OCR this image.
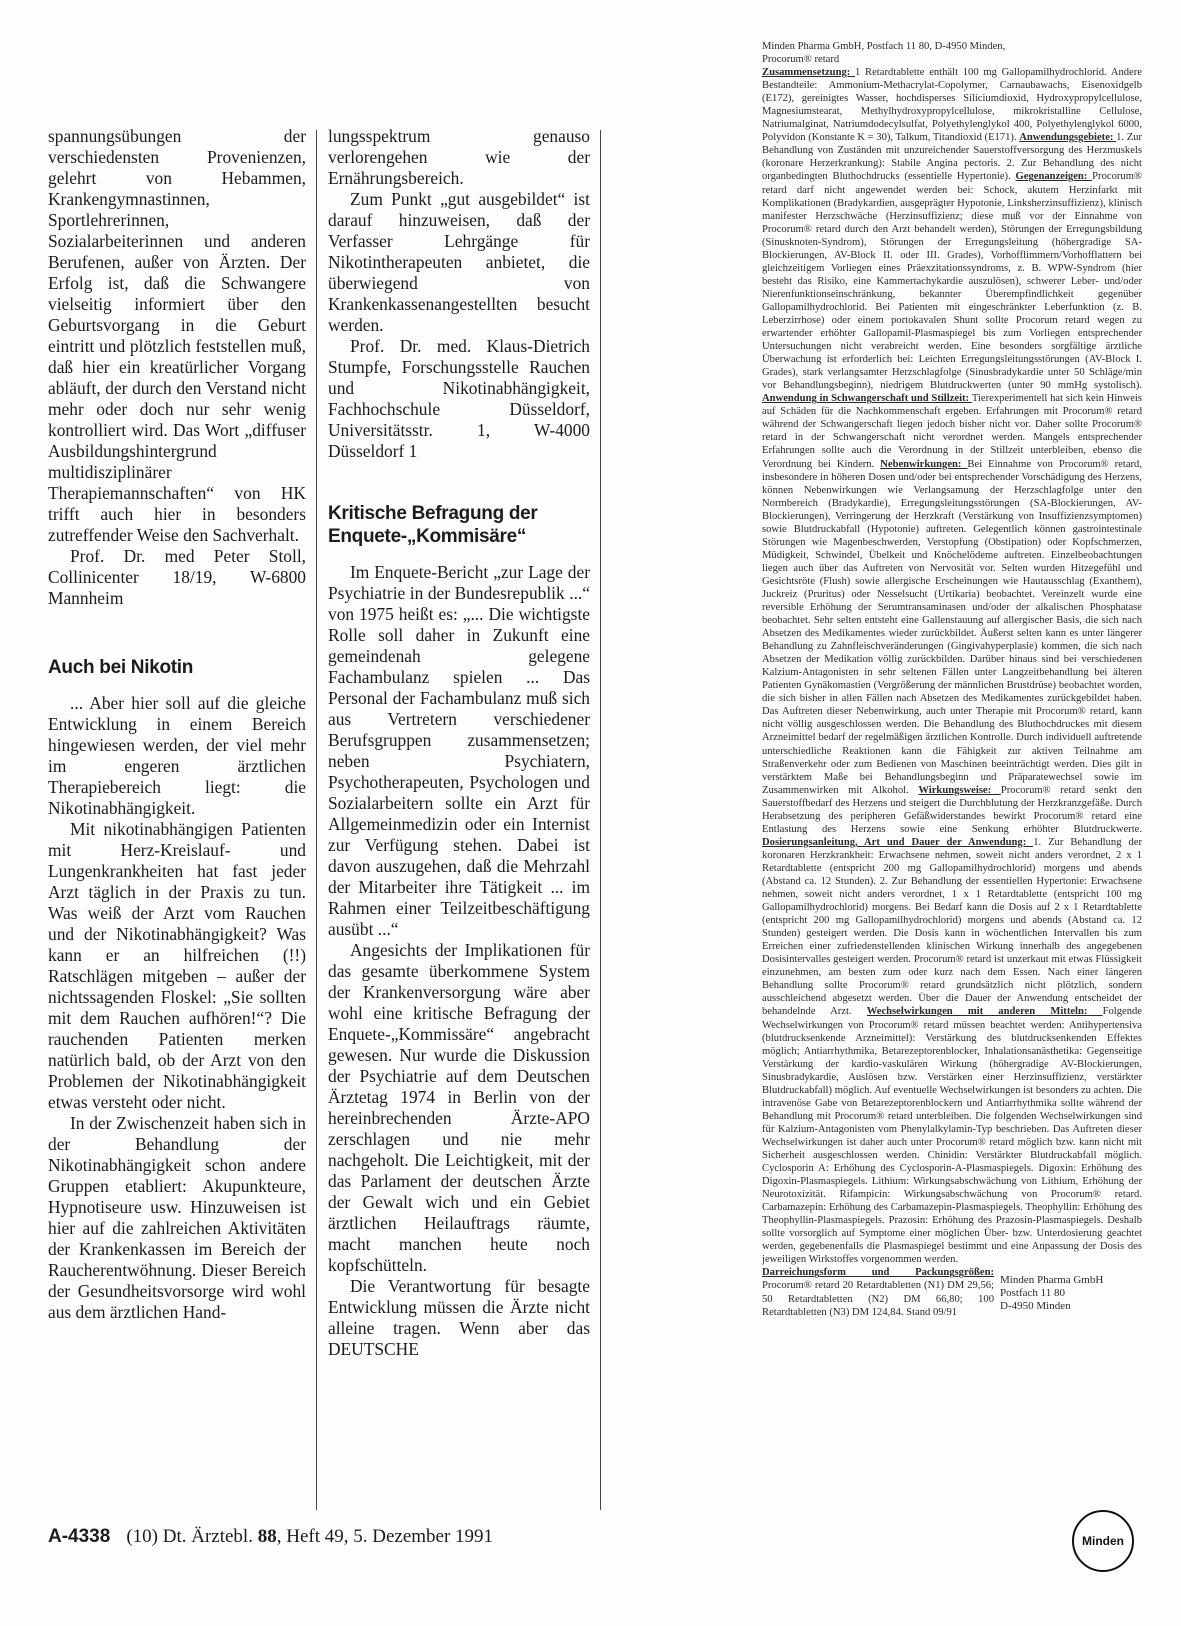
spannungsübungen der verschiedensten Provenienzen, gelehrt von Hebammen, Krankengymnastinnen, Sportlehrerinnen, Sozialarbeiterinnen und anderen Berufenen, außer von Ärzten. Der Erfolg ist, daß die Schwangere vielseitig informiert über den Geburtsvorgang in die Geburt eintritt und plötzlich feststellen muß, daß hier ein kreatürlicher Vorgang abläuft, der durch den Verstand nicht mehr oder doch nur sehr wenig kontrolliert wird. Das Wort „diffuser Ausbildungshintergrund multidisziplinärer Therapiemannschaften“ von HK trifft auch hier in besonders zutreffender Weise den Sachverhalt.

Prof. Dr. med Peter Stoll, Collinicenter 18/19, W-6800 Mannheim

Auch bei Nikotin

... Aber hier soll auf die gleiche Entwicklung in einem Bereich hingewiesen werden, der viel mehr im engeren ärztlichen Therapiebereich liegt: die Nikotinabhängigkeit.

Mit nikotinabhängigen Patienten mit Herz-Kreislauf- und Lungenkrankheiten hat fast jeder Arzt täglich in der Praxis zu tun. Was weiß der Arzt vom Rauchen und der Nikotinabhängigkeit? Was kann er an hilfreichen (!!) Ratschlägen mitgeben – außer der nichtssagenden Floskel: „Sie sollten mit dem Rauchen aufhören!“? Die rauchenden Patienten merken natürlich bald, ob der Arzt von den Problemen der Nikotinabhängigkeit etwas versteht oder nicht.

In der Zwischenzeit haben sich in der Behandlung der Nikotinabhängigkeit schon andere Gruppen etabliert: Akupunkteure, Hypnotiseure usw. Hinzuweisen ist hier auf die zahlreichen Aktivitäten der Krankenkassen im Bereich der Raucherentwöhnung. Dieser Bereich der Gesundheitsvorsorge wird wohl aus dem ärztlichen Hand-

lungsspektrum genauso verlorengehen wie der Ernährungsbereich.

Zum Punkt „gut ausgebildet“ ist darauf hinzuweisen, daß der Verfasser Lehrgänge für Nikotintherapeuten anbietet, die überwiegend von Krankenkassenangestellten besucht werden.

Prof. Dr. med. Klaus-Dietrich Stumpfe, Forschungsstelle Rauchen und Nikotinabhängigkeit, Fachhochschule Düsseldorf, Universitätsstr. 1, W-4000 Düsseldorf 1

Kritische Befragung der Enquete-„Kommisäre“

Im Enquete-Bericht „zur Lage der Psychiatrie in der Bundesrepublik ...“ von 1975 heißt es: „... Die wichtigste Rolle soll daher in Zukunft eine gemeindenah gelegene Fachambulanz spielen ... Das Personal der Fachambulanz muß sich aus Vertretern verschiedener Berufsgruppen zusammensetzen; neben Psychiatern, Psychotherapeuten, Psychologen und Sozialarbeitern sollte ein Arzt für Allgemeinmedizin oder ein Internist zur Verfügung stehen. Dabei ist davon auszugehen, daß die Mehrzahl der Mitarbeiter ihre Tätigkeit ... im Rahmen einer Teilzeitbeschäftigung ausübt ...“

Angesichts der Implikationen für das gesamte überkommene System der Krankenversorgung wäre aber wohl eine kritische Befragung der Enquete-„Kommissäre“ angebracht gewesen. Nur wurde die Diskussion der Psychiatrie auf dem Deutschen Ärztetag 1974 in Berlin von der hereinbrechenden Ärzte-APO zerschlagen und nie mehr nachgeholt. Die Leichtigkeit, mit der das Parlament der deutschen Ärzte der Gewalt wich und ein Gebiet ärztlichen Heilauftrags räumte, macht manchen heute noch kopfschütteln.

Die Verantwortung für besagte Entwicklung müssen die Ärzte nicht alleine tragen. Wenn aber das DEUTSCHE

Minden Pharma GmbH, Postfach 11 80, D-4950 Minden,
Procorum® retard
Zusammensetzung: 1 Retardtablette enthält 100 mg Gallopamilhydrochlorid. Andere Bestandteile: Ammonium-Methacrylat-Copolymer, Carnaubawachs, Eisenoxidgelb (E172), gereinigtes Wasser, hochdisperses Siliciumdioxid, Hydroxypropylcellulose, Magnesiumstearat, Methylhydroxypropylcellulose, mikrokristalline Cellulose, Natriumalginat, Natriumdodecylsulfat, Polyethylenglykol 400, Polyethylenglykol 6000, Polyvidon (Konstante K = 30), Talkum, Titandioxid (E171). Anwendungsgebiete: 1. Zur Behandlung von Zuständen mit unzureichender Sauerstoffversorgung des Herzmuskels (koronare Herzerkrankung): Stabile Angina pectoris. 2. Zur Behandlung des nicht organbedingten Bluthochdrucks (essentielle Hypertonie). Gegenanzeigen: Procorum® retard darf nicht angewendet werden bei: Schock, akutem Herzinfarkt mit Komplikationen (Bradykardien, ausgeprägter Hypotonie, Linksherzinsuffizienz), klinisch manifester Herzschwäche (Herzinsuffizienz; diese muß vor der Einnahme von Procorum® retard durch den Arzt behandelt werden), Störungen der Erregungsbildung (Sinusknoten-Syndrom), Störungen der Erregungsleitung (höhergradige SA-Blockierungen, AV-Block II. oder III. Grades), Vorhofflimmern/Vorhofflattern bei gleichzeitigem Vorliegen eines Präexzitationssyndroms, z. B. WPW-Syndrom (hier besteht das Risiko, eine Kammertachykardie auszulösen), schwerer Leber- und/oder Nierenfunktionseinschränkung, bekannter Überempfindlichkeit gegenüber Gallopamilhydrochlorid. Bei Patienten mit eingeschränkter Leberfunktion (z. B. Leberzirrhose) oder einem portokavalen Shunt sollte Procorum retard wegen zu erwartender erhöhter Gallopamil-Plasmaspiegel bis zum Vorliegen entsprechender Untersuchungen nicht verabreicht werden. Eine besonders sorgfältige ärztliche Überwachung ist erforderlich bei: Leichten Erregungsleitungsstörungen (AV-Block I. Grades), stark verlangsamter Herzschlagfolge (Sinusbradykardie unter 50 Schläge/min vor Behandlungsbeginn), niedrigem Blutdruckwerten (unter 90 mmHg systolisch). Anwendung in Schwangerschaft und Stillzeit: Tierexperimentell hat sich kein Hinweis auf Schäden für die Nachkommenschaft ergeben. Erfahrungen mit Procorum® retard während der Schwangerschaft liegen jedoch bisher nicht vor. Daher sollte Procorum® retard in der Schwangerschaft nicht verordnet werden. Mangels entsprechender Erfahrungen sollte auch die Verordnung in der Stillzeit unterbleiben, ebenso die Verordnung bei Kindern. Nebenwirkungen: Bei Einnahme von Procorum® retard, insbesondere in höheren Dosen und/oder bei entsprechender Vorschädigung des Herzens, können Nebenwirkungen wie Verlangsamung der Herzschlagfolge unter den Normbereich (Bradykardie), Erregungsleitungsstörungen (SA-Blockierungen, AV-Blockierungen), Verringerung der Herzkraft (Verstärkung von Insuffizienzsymptomen) sowie Blutdruckabfall (Hypotonie) auftreten. Gelegentlich können gastrointestinale Störungen wie Magenbeschwerden, Verstopfung (Obstipation) oder Kopfschmerzen, Müdigkeit, Schwindel, Übelkeit und Knöchelödeme auftreten. Einzelbeobachtungen liegen auch über das Auftreten von Nervosität vor. Selten wurden Hitzegefühl und Gesichtsröte (Flush) sowie allergische Erscheinungen wie Hautausschlag (Exanthem), Juckreiz (Pruritus) oder Nesselsucht (Urtikaria) beobachtet. Vereinzelt wurde eine reversible Erhöhung der Serumtransaminasen und/oder der alkalischen Phosphatase beobachtet. Sehr selten entsteht eine Gallenstauung auf allergischer Basis, die sich nach Absetzen des Medikamentes wieder zurückbildet. Äußerst selten kann es unter längerer Behandlung zu Zahnfleischveränderungen (Gingivahyperplasie) kommen, die sich nach Absetzen der Medikation völlig zurückbilden. Darüber hinaus sind bei verschiedenen Kalzium-Antagonisten in sehr seltenen Fällen unter Langzeitbehandlung bei älteren Patienten Gynäkomastien (Vergrößerung der männlichen Brustdrüse) beobachtet worden, die sich bisher in allen Fällen nach Absetzen des Medikamentes zurückgebildet haben. Das Auftreten dieser Nebenwirkung, auch unter Therapie mit Procorum® retard, kann nicht völlig ausgeschlossen werden. Die Behandlung des Bluthochdruckes mit diesem Arzneimittel bedarf der regelmäßigen ärztlichen Kontrolle. Durch individuell auftretende unterschiedliche Reaktionen kann die Fähigkeit zur aktiven Teilnahme am Straßenverkehr oder zum Bedienen von Maschinen beeinträchtigt werden. Dies gilt in verstärktem Maße bei Behandlungsbeginn und Präparatewechsel sowie im Zusammenwirken mit Alkohol. Wirkungsweise: Procorum® retard senkt den Sauerstoffbedarf des Herzens und steigert die Durchblutung der Herzkranzgefäße. Durch Herabsetzung des peripheren Gefäßwiderstandes bewirkt Procorum® retard eine Entlastung des Herzens sowie eine Senkung erhöhter Blutdruckwerte. Dosierungsanleitung, Art und Dauer der Anwendung: 1. Zur Behandlung der koronaren Herzkrankheit: Erwachsene nehmen, soweit nicht anders verordnet, 2 x 1 Retardtablette (entspricht 200 mg Gallopamilhydrochlorid) morgens und abends (Abstand ca. 12 Stunden). 2. Zur Behandlung der essentiellen Hypertonie: Erwachsene nehmen, soweit nicht anders verordnet, 1 x 1 Retardtablette (entspricht 100 mg Gallopamilhydrochlorid) morgens. Bei Bedarf kann die Dosis auf 2 x 1 Retardtablette (entspricht 200 mg Gallopamilhydrochlorid) morgens und abends (Abstand ca. 12 Stunden) gesteigert werden. Die Dosis kann in wöchentlichen Intervallen bis zum Erreichen einer zufriedenstellenden klinischen Wirkung innerhalb des angegebenen Dosisintervalles gesteigert werden. Procorum® retard ist unzerkaut mit etwas Flüssigkeit einzunehmen, am besten zum oder kurz nach dem Essen. Nach einer längeren Behandlung sollte Procorum® retard grundsätzlich nicht plötzlich, sondern ausschleichend abgesetzt werden. Über die Dauer der Anwendung entscheidet der behandelnde Arzt. Wechselwirkungen mit anderen Mitteln: Folgende Wechselwirkungen von Procorum® retard müssen beachtet werden: Antihypertensiva (blutdrucksenkende Arzneimittel): Verstärkung des blutdrucksenkenden Effektes möglich; Antiarrhythmika, Betarezeptorenblocker, Inhalationsanästhetika: Gegenseitige Verstärkung der kardio-vaskulären Wirkung (höhergradige AV-Blockierungen, Sinusbradykardie, Auslösen bzw. Verstärken einer Herzinsuffizienz, verstärkter Blutdruckabfall) möglich. Auf eventuelle Wechselwirkungen ist besonders zu achten. Die intravenöse Gabe von Betarezeptorenblockern und Antiarrhythmika sollte während der Behandlung mit Procorum® retard unterbleiben. Die folgenden Wechselwirkungen sind für Kalzium-Antagonisten vom Phenylalkylamin-Typ beschrieben. Das Auftreten dieser Wechselwirkungen ist daher auch unter Procorum® retard möglich bzw. kann nicht mit Sicherheit ausgeschlossen werden. Chinidin: Verstärkter Blutdruckabfall möglich. Cyclosporin A: Erhöhung des Cyclosporin-A-Plasmaspiegels. Digoxin: Erhöhung des Digoxin-Plasmaspiegels. Lithium: Wirkungsabschwächung von Lithium, Erhöhung der Neurotoxizität. Rifampicin: Wirkungsabschwächung von Procorum® retard. Carbamazepin: Erhöhung des Carbamazepin-Plasmaspiegels. Theophyllin: Erhöhung des Theophyllin-Plasmaspiegels. Prazosin: Erhöhung des Prazosin-Plasmaspiegels. Deshalb sollte vorsorglich auf Symptome einer möglichen Über- bzw. Unterdosierung geachtet werden, gegebenenfalls die Plasmaspiegel bestimmt und eine Anpassung der Dosis des jeweiligen Wirkstoffes vorgenommen werden.
Darreichungsform und Packungsgrößen: Procorum® retard 20 Retardtabletten (N1) DM 29,56; 50 Retardtabletten (N2) DM 66,80; 100 Retardtabletten (N3) DM 124,84. Stand 09/91
Minden Pharma GmbH
Postfach 11 80
D-4950 Minden
Minden
A-4338 (10) Dt. Ärztebl. 88, Heft 49, 5. Dezember 1991
